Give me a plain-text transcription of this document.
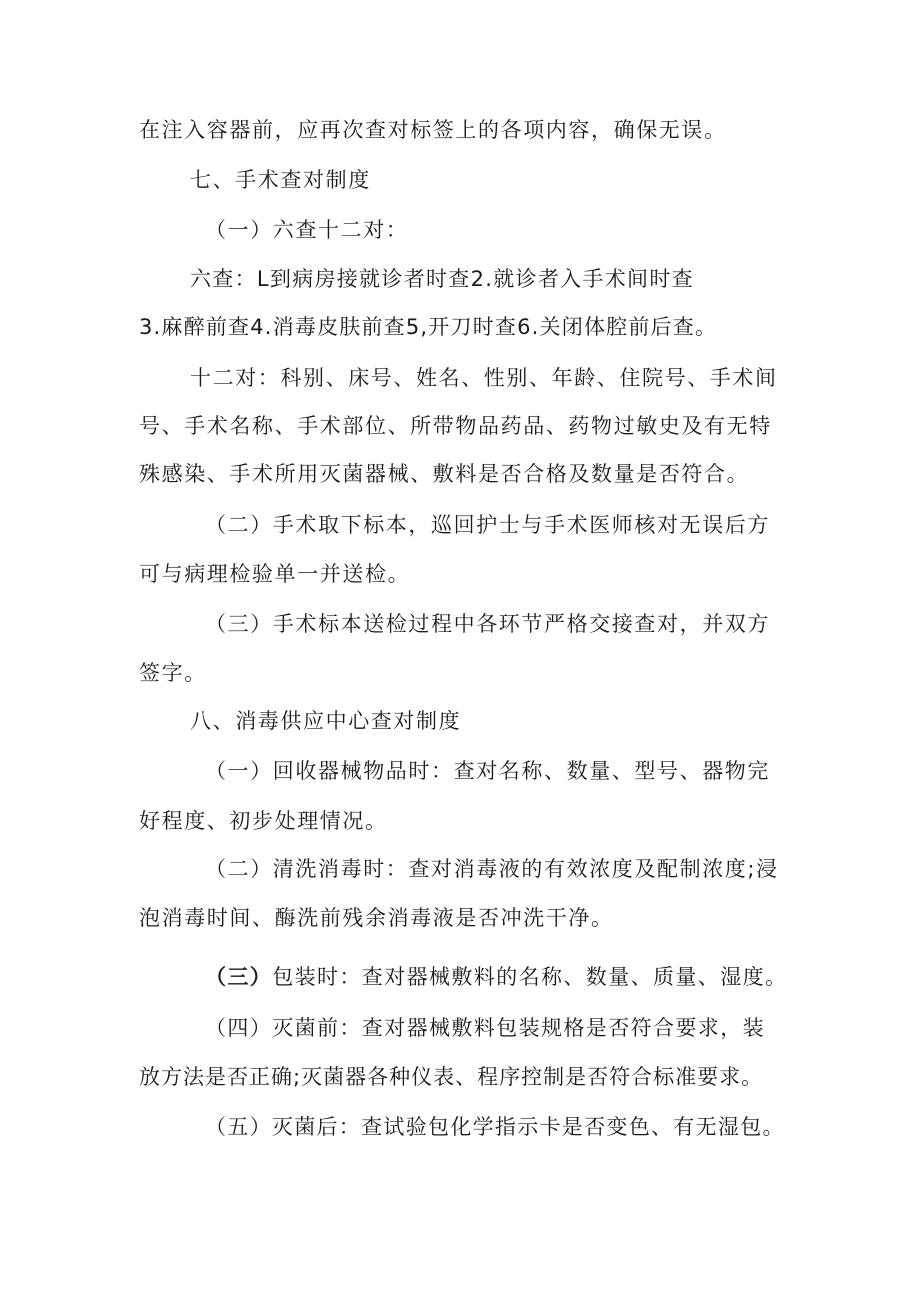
在注入容器前，应再次查对标签上的各项内容，确保无误。
七、手术查对制度
（一）六查十二对：
六查：L到病房接就诊者时查2.就诊者入手术间时查
3.麻醉前查4.消毒皮肤前查5,开刀时查6.关闭体腔前后查。
十二对：科别、床号、姓名、性别、年龄、住院号、手术间
号、手术名称、手术部位、所带物品药品、药物过敏史及有无特
殊感染、手术所用灭菌器械、敷料是否合格及数量是否符合。
（二）手术取下标本，巡回护士与手术医师核对无误后方
可与病理检验单一并送检。
（三）手术标本送检过程中各环节严格交接查对，并双方
签字。
八、消毒供应中心查对制度
（一）回收器械物品时：查对名称、数量、型号、器物完
好程度、初步处理情况。
（二）清洗消毒时：查对消毒液的有效浓度及配制浓度;浸
泡消毒时间、酶洗前残余消毒液是否冲洗干净。
（三）包装时：查对器械敷料的名称、数量、质量、湿度。
（四）灭菌前：查对器械敷料包装规格是否符合要求，装
放方法是否正确;灭菌器各种仪表、程序控制是否符合标准要求。
（五）灭菌后：查试验包化学指示卡是否变色、有无湿包。
